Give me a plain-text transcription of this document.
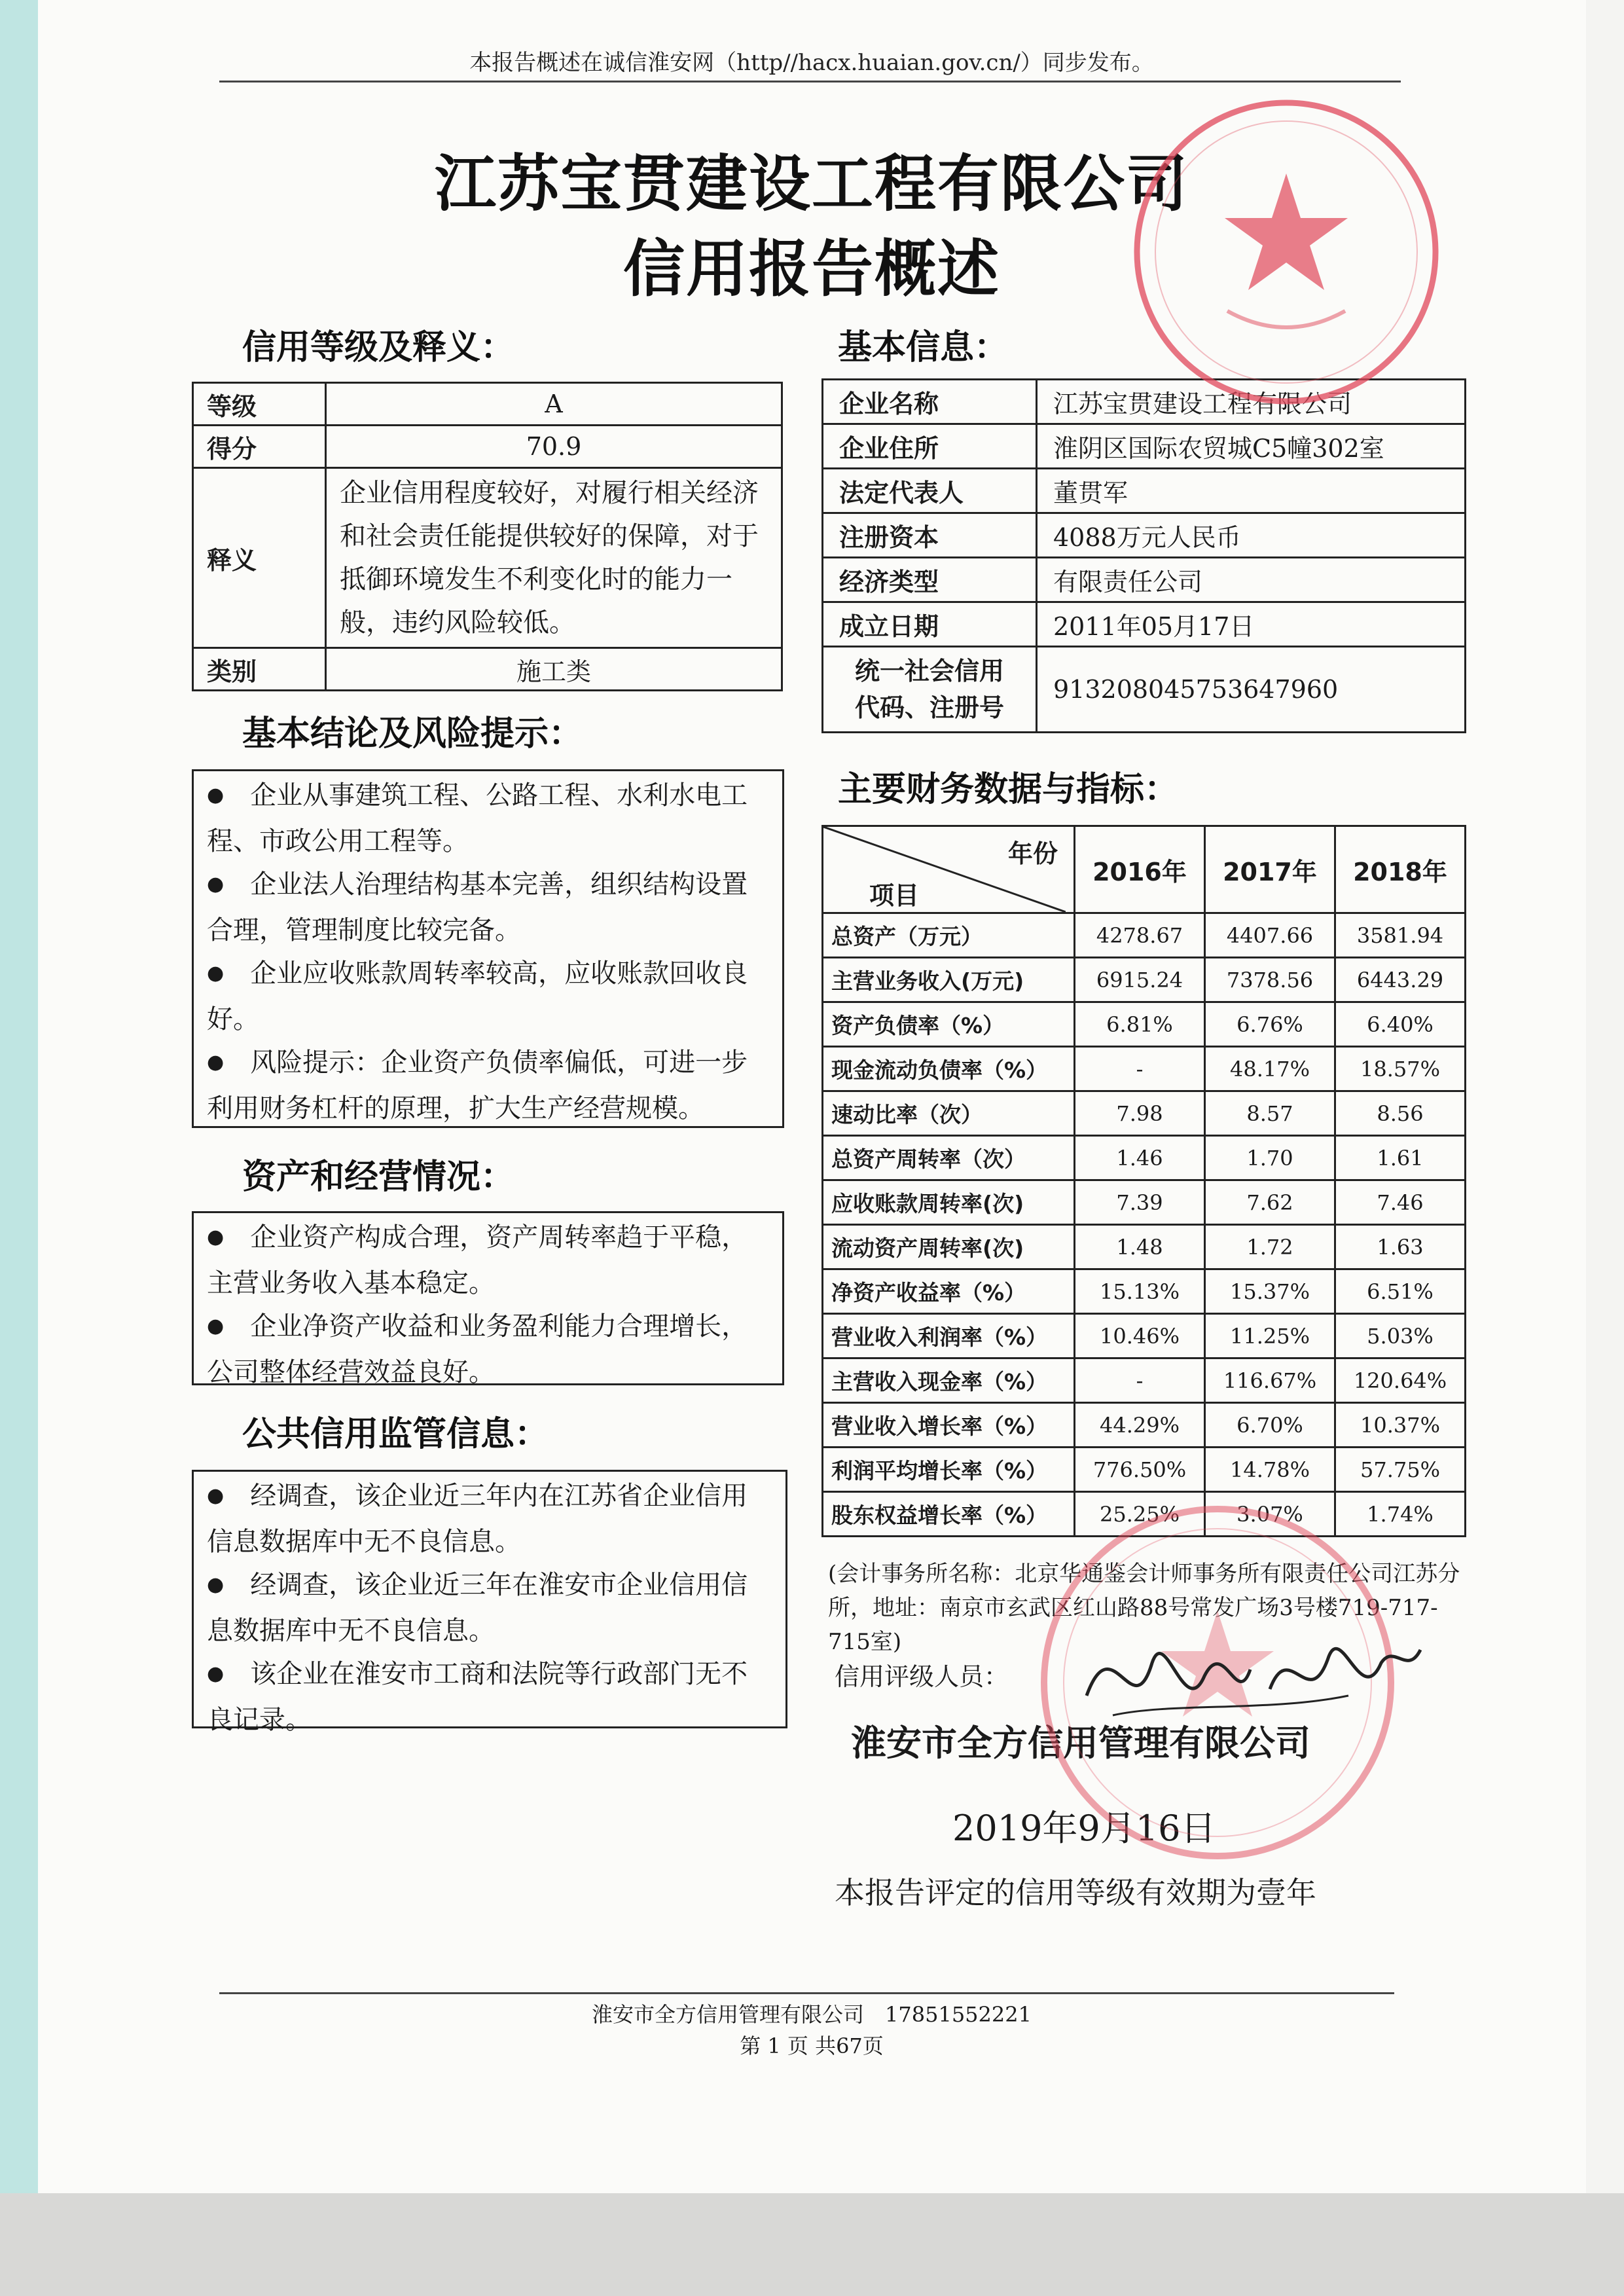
本报告概述在诚信淮安网（http//hacx.huaian.gov.cn/）同步发布。
江苏宝贯建设工程有限公司
信用报告概述
信用等级及释义：
等级	A
得分	70.9
释义	企业信用程度较好，对履行相关经济和社会责任能提供较好的保障，对于抵御环境发生不利变化时的能力一般，违约风险较低。
类别	施工类
基本信息：
企业名称	江苏宝贯建设工程有限公司
企业住所	淮阴区国际农贸城C5幢302室
法定代表人	董贯军
注册资本	4088万元人民币
经济类型	有限责任公司
成立日期	2011年05月17日
统一社会信用
代码、注册号	913208045753647960
基本结论及风险提示：

● 企业从事建筑工程、公路工程、水利水电工程、市政公用工程等。

● 企业法人治理结构基本完善，组织结构设置合理，管理制度比较完备。

● 企业应收账款周转率较高，应收账款回收良好。

● 风险提示：企业资产负债率偏低，可进一步利用财务杠杆的原理，扩大生产经营规模。

资产和经营情况：

● 企业资产构成合理，资产周转率趋于平稳，主营业务收入基本稳定。

● 企业净资产收益和业务盈利能力合理增长，公司整体经营效益良好。

公共信用监管信息：

● 经调查，该企业近三年内在江苏省企业信用信息数据库中无不良信息。

● 经调查，该企业近三年在淮安市企业信用信息数据库中无不良信息。

● 该企业在淮安市工商和法院等行政部门无不良记录。

主要财务数据与指标：
年份
项目	2016年	2017年	2018年
总资产（万元）	4278.67	4407.66	3581.94
主营业务收入(万元)	6915.24	7378.56	6443.29
资产负债率（%）	6.81%	6.76%	6.40%
现金流动负债率（%）	-	48.17%	18.57%
速动比率（次）	7.98	8.57	8.56
总资产周转率（次）	1.46	1.70	1.61
应收账款周转率(次)	7.39	7.62	7.46
流动资产周转率(次)	1.48	1.72	1.63
净资产收益率（%）	15.13%	15.37%	6.51%
营业收入利润率（%）	10.46%	11.25%	5.03%
主营收入现金率（%）	-	116.67%	120.64%
营业收入增长率（%）	44.29%	6.70%	10.37%
利润平均增长率（%）	776.50%	14.78%	57.75%
股东权益增长率（%）	25.25%	3.07%	1.74%
(会计事务所名称：北京华通鉴会计师事务所有限责任公司江苏分所，地址：南京市玄武区红山路88号常发广场3号楼719-717-715室)
信用评级人员：
淮安市全方信用管理有限公司
2019年9月16日
本报告评定的信用等级有效期为壹年
淮安市全方信用管理有限公司　17851552221
第 1 页 共67页
